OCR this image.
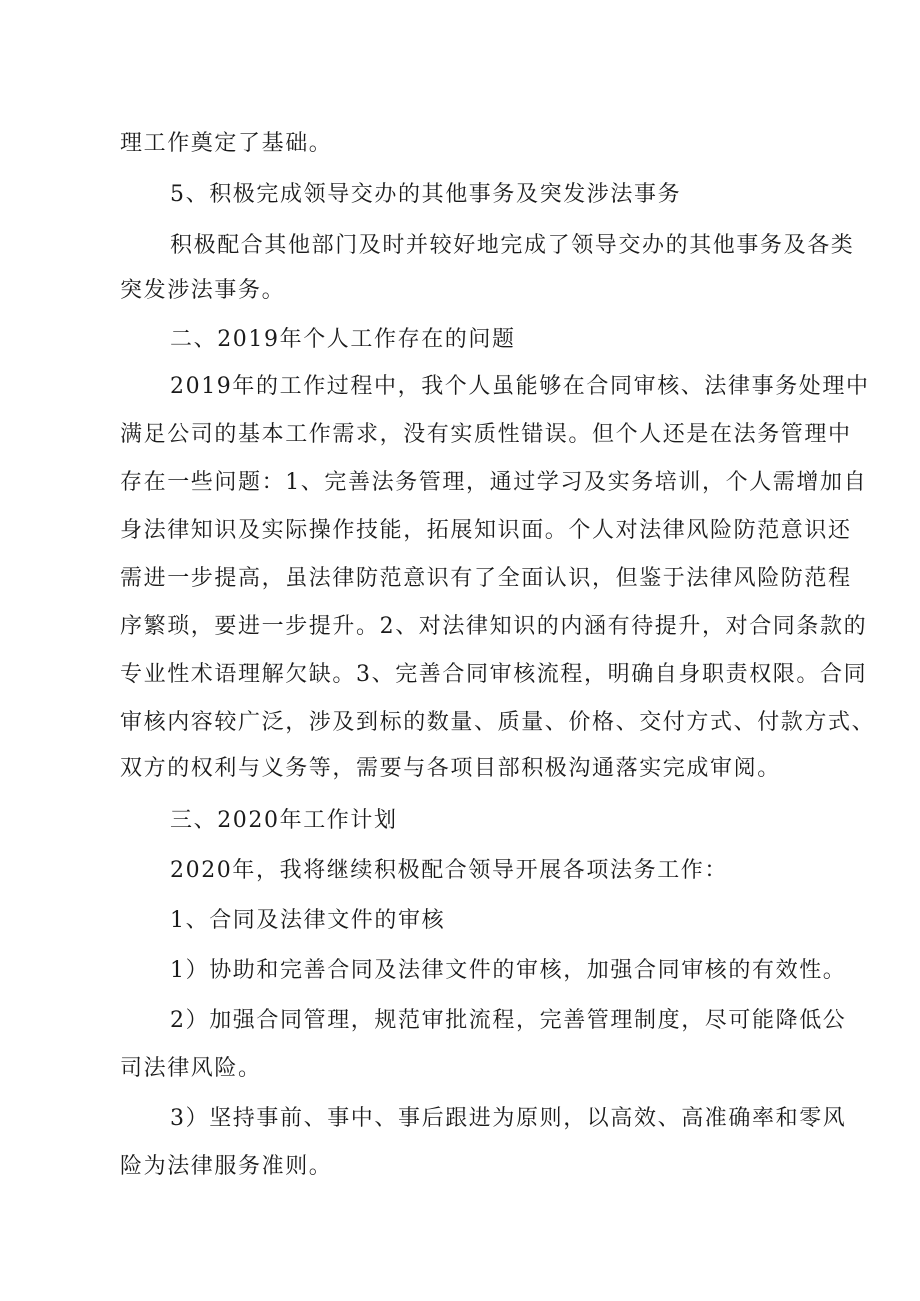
理工作奠定了基础。
5、积极完成领导交办的其他事务及突发涉法事务
积极配合其他部门及时并较好地完成了领导交办的其他事务及各类
突发涉法事务。
二、2019年个人工作存在的问题
2019年的工作过程中，我个人虽能够在合同审核、法律事务处理中
满足公司的基本工作需求，没有实质性错误。但个人还是在法务管理中
存在一些问题：1、完善法务管理，通过学习及实务培训，个人需增加自
身法律知识及实际操作技能，拓展知识面。个人对法律风险防范意识还
需进一步提高，虽法律防范意识有了全面认识，但鉴于法律风险防范程
序繁琐，要进一步提升。2、对法律知识的内涵有待提升，对合同条款的
专业性术语理解欠缺。3、完善合同审核流程，明确自身职责权限。合同
审核内容较广泛，涉及到标的数量、质量、价格、交付方式、付款方式、
双方的权利与义务等，需要与各项目部积极沟通落实完成审阅。
三、2020年工作计划
2020年，我将继续积极配合领导开展各项法务工作：
1、合同及法律文件的审核
1）协助和完善合同及法律文件的审核，加强合同审核的有效性。
2）加强合同管理，规范审批流程，完善管理制度，尽可能降低公
司法律风险。
3）坚持事前、事中、事后跟进为原则，以高效、高准确率和零风
险为法律服务准则。
